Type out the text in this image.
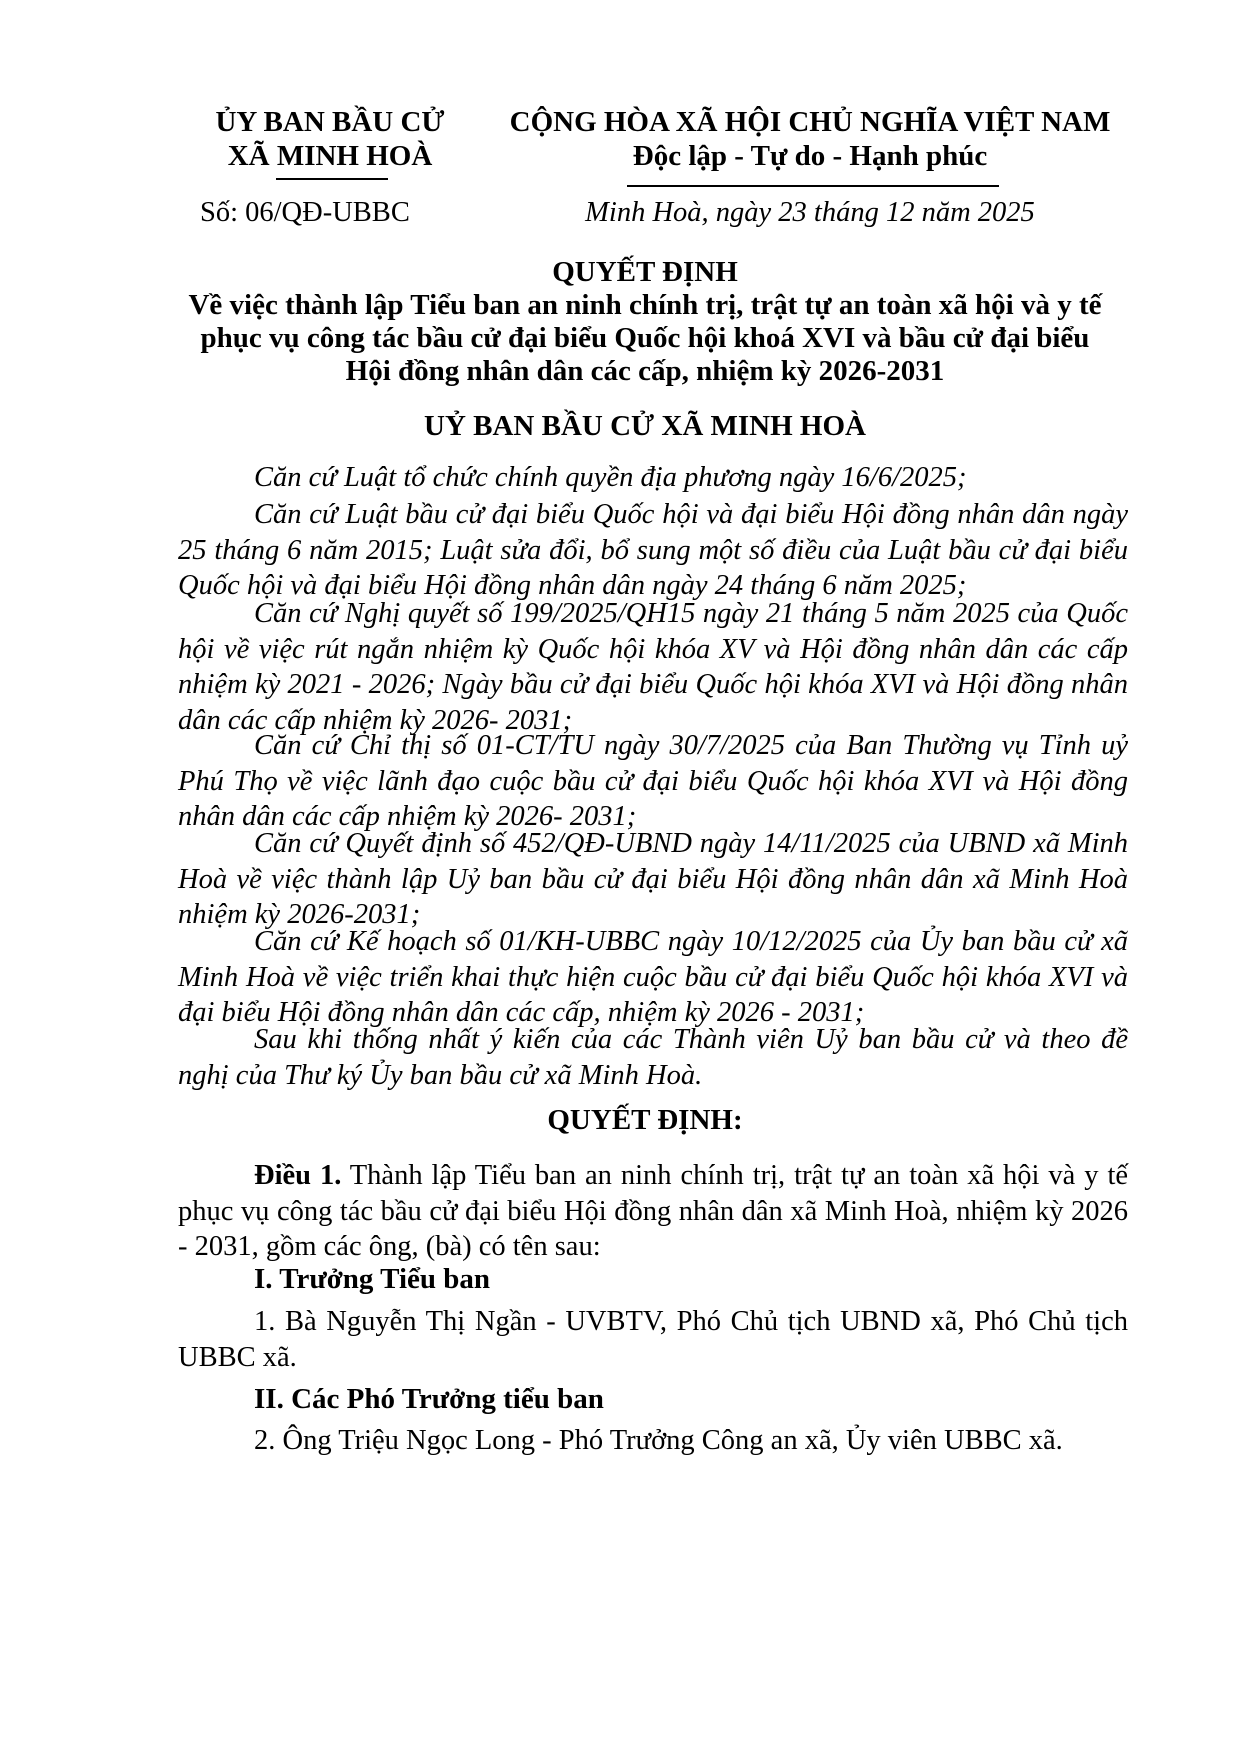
ỦY BAN BẦU CỬ
XÃ MINH HOÀ
CỘNG HÒA XÃ HỘI CHỦ NGHĨA VIỆT NAM
Độc lập - Tự do - Hạnh phúc
Số: 06/QĐ-UBBC	Minh Hoà, ngày 23 tháng 12 năm 2025
QUYẾT ĐỊNH
Về việc thành lập Tiểu ban an ninh chính trị, trật tự an toàn xã hội và y tế
phục vụ công tác bầu cử đại biểu Quốc hội khoá XVI và bầu cử đại biểu
Hội đồng nhân dân các cấp, nhiệm kỳ 2026-2031
UỶ BAN BẦU CỬ XÃ MINH HOÀ
Căn cứ Luật tổ chức chính quyền địa phương ngày 16/6/2025;
Căn cứ Luật bầu cử đại biểu Quốc hội và đại biểu Hội đồng nhân dân ngày 25 tháng 6 năm 2015; Luật sửa đổi, bổ sung một số điều của Luật bầu cử đại biểu Quốc hội và đại biểu Hội đồng nhân dân ngày 24 tháng 6 năm 2025;
Căn cứ Nghị quyết số 199/2025/QH15 ngày 21 tháng 5 năm 2025 của Quốc hội về việc rút ngắn nhiệm kỳ Quốc hội khóa XV và Hội đồng nhân dân các cấp nhiệm kỳ 2021 - 2026; Ngày bầu cử đại biểu Quốc hội khóa XVI và Hội đồng nhân dân các cấp nhiệm kỳ 2026- 2031;
Căn cứ Chỉ thị số 01-CT/TU ngày 30/7/2025 của Ban Thường vụ Tỉnh uỷ Phú Thọ về việc lãnh đạo cuộc bầu cử đại biểu Quốc hội khóa XVI và Hội đồng nhân dân các cấp nhiệm kỳ 2026- 2031;
Căn cứ Quyết định số 452/QĐ-UBND ngày 14/11/2025 của UBND xã Minh Hoà về việc thành lập Uỷ ban bầu cử đại biểu Hội đồng nhân dân xã Minh Hoà nhiệm kỳ 2026-2031;
Căn cứ Kế hoạch số 01/KH-UBBC ngày 10/12/2025 của Ủy ban bầu cử xã Minh Hoà về việc triển khai thực hiện cuộc bầu cử đại biểu Quốc hội khóa XVI và đại biểu Hội đồng nhân dân các cấp, nhiệm kỳ 2026 - 2031;
Sau khi thống nhất ý kiến của các Thành viên Uỷ ban bầu cử và theo đề nghị của Thư ký Ủy ban bầu cử xã Minh Hoà.
QUYẾT ĐỊNH:
Điều 1. Thành lập Tiểu ban an ninh chính trị, trật tự an toàn xã hội và y tế phục vụ công tác bầu cử đại biểu Hội đồng nhân dân xã Minh Hoà, nhiệm kỳ 2026 - 2031, gồm các ông, (bà) có tên sau:
I. Trưởng Tiểu ban
1. Bà Nguyễn Thị Ngần - UVBTV, Phó Chủ tịch UBND xã, Phó Chủ tịch UBBC xã.
II. Các Phó Trưởng tiểu ban
2. Ông Triệu Ngọc Long - Phó Trưởng Công an xã, Ủy viên UBBC xã.
